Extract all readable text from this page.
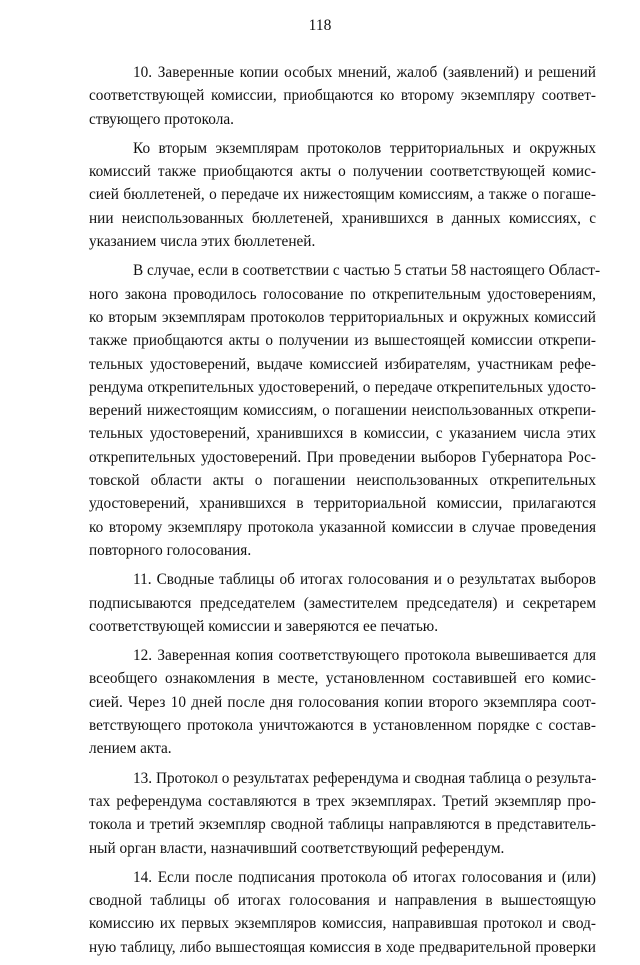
118
10. Заверенные копии особых мнений, жалоб (заявлений) и решений
соответствующей комиссии, приобщаются ко второму экземпляру соответ-
ствующего протокола.
Ко вторым экземплярам протоколов территориальных и окружных
комиссий также приобщаются акты о получении соответствующей комис-
сией бюллетеней, о передаче их нижестоящим комиссиям, а также о погаше-
нии неиспользованных бюллетеней, хранившихся в данных комиссиях, с
указанием числа этих бюллетеней.
В случае, если в соответствии с частью 5 статьи 58 настоящего Област-
ного закона проводилось голосование по открепительным удостоверениям,
ко вторым экземплярам протоколов территориальных и окружных комиссий
также приобщаются акты о получении из вышестоящей комиссии открепи-
тельных удостоверений, выдаче комиссией избирателям, участникам рефе-
рендума открепительных удостоверений, о передаче открепительных удосто-
верений нижестоящим комиссиям, о погашении неиспользованных открепи-
тельных удостоверений, хранившихся в комиссии, с указанием числа этих
открепительных удостоверений. При проведении выборов Губернатора Рос-
товской области акты о погашении неиспользованных открепительных
удостоверений, хранившихся в территориальной комиссии, прилагаются
ко второму экземпляру протокола указанной комиссии в случае проведения
повторного голосования.
11. Сводные таблицы об итогах голосования и о результатах выборов
подписываются председателем (заместителем председателя) и секретарем
соответствующей комиссии и заверяются ее печатью.
12. Заверенная копия соответствующего протокола вывешивается для
всеобщего ознакомления в месте, установленном составившей его комис-
сией. Через 10 дней после дня голосования копии второго экземпляра соот-
ветствующего протокола уничтожаются в установленном порядке с состав-
лением акта.
13. Протокол о результатах референдума и сводная таблица о результа-
тах референдума составляются в трех экземплярах. Третий экземпляр про-
токола и третий экземпляр сводной таблицы направляются в представитель-
ный орган власти, назначивший соответствующий референдум.
14. Если после подписания протокола об итогах голосования и (или)
сводной таблицы об итогах голосования и направления в вышестоящую
комиссию их первых экземпляров комиссия, направившая протокол и свод-
ную таблицу, либо вышестоящая комиссия в ходе предварительной проверки
